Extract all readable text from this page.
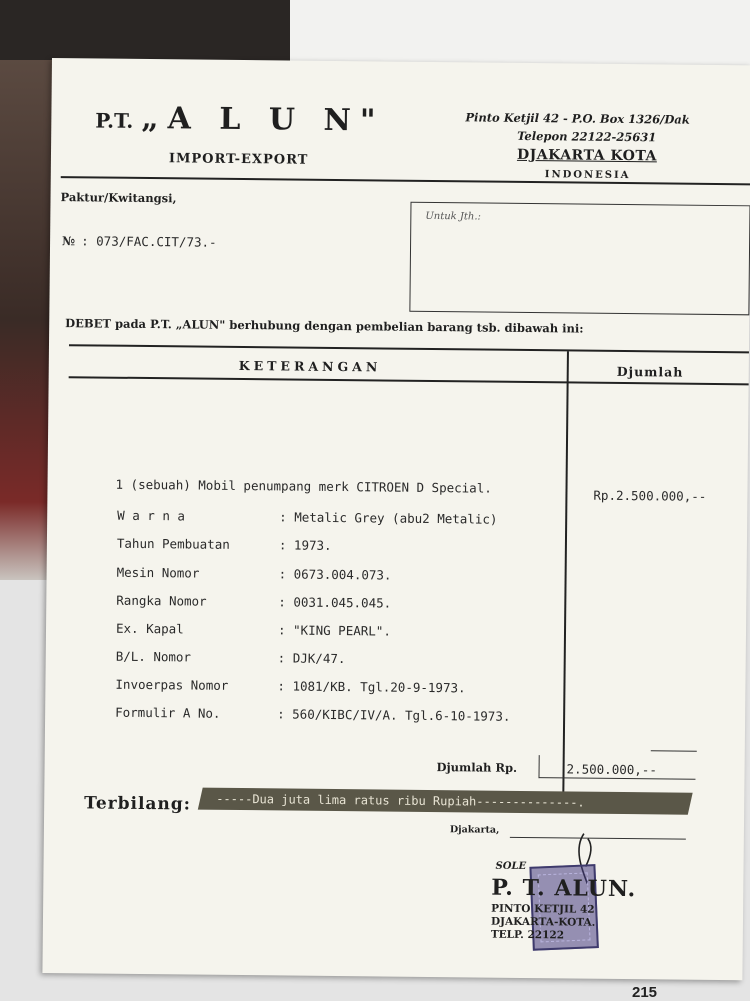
P.T. „A L U N"
IMPORT-EXPORT
Pinto Ketjil 42 - P.O. Box 1326/Dak
Telepon 22122-25631
DJAKARTA KOTA
INDONESIA
Paktur/Kwitangsi,
№ : 073/FAC.CIT/73.-
Untuk Jth.:
DEBET pada P.T. „ALUN" berhubung dengan pembelian barang tsb. dibawah ini:
KETERANGAN	Djumlah
1 (sebuah) Mobil penumpang merk CITROEN D Special.
Rp.2.500.000,--
W a r n a	: Metalic Grey (abu2 Metalic)
Tahun Pembuatan	: 1973.
Mesin Nomor	: 0673.004.073.
Rangka Nomor	: 0031.045.045.
Ex. Kapal	: "KING PEARL".
B/L. Nomor	: DJK/47.
Invoerpas Nomor	: 1081/KB. Tgl.20-9-1973.
Formulir A No.	: 560/KIBC/IV/A. Tgl.6-10-1973.
Djumlah Rp.	2.500.000,--
Terbilang: -----Dua juta lima ratus ribu Rupiah--------------.
Djakarta,
SOLE
P. T. ALUN.
PINTO KETJIL 42
DJAKARTA-KOTA.
TELP. 22122
215
